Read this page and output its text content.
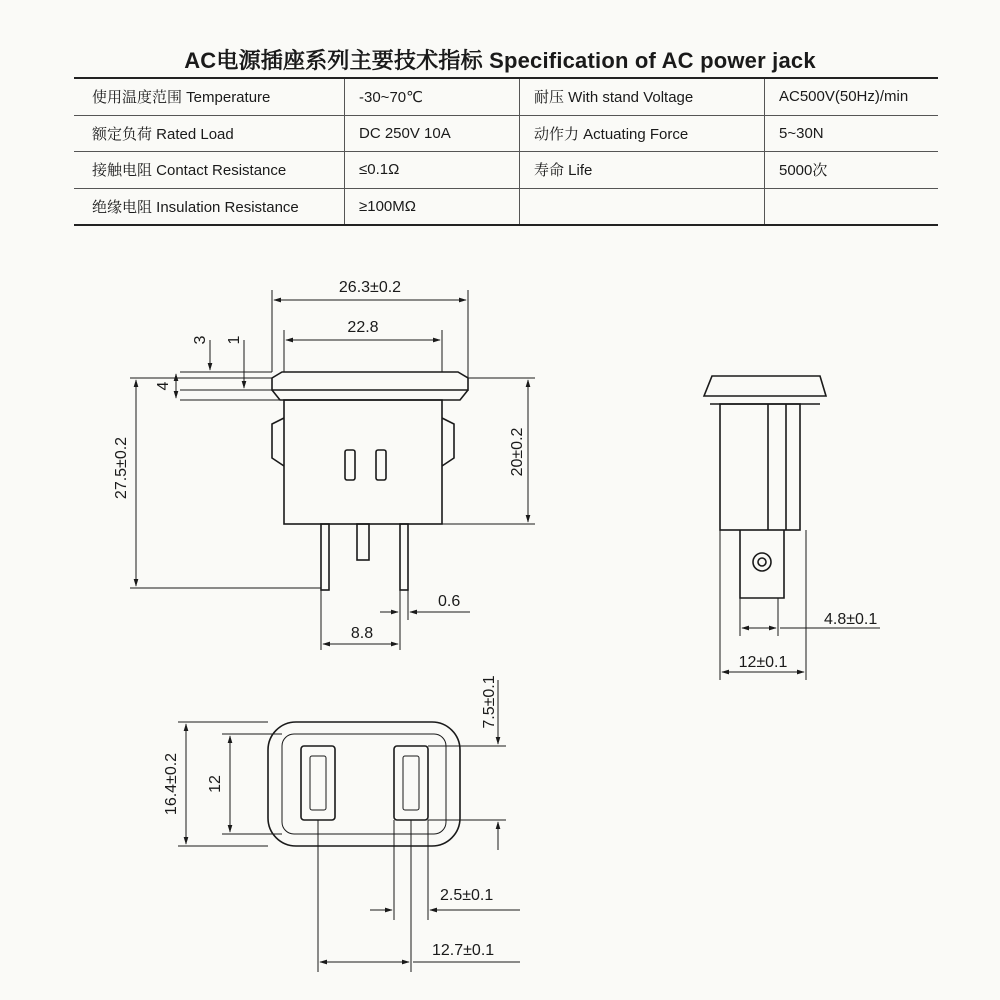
AC电源插座系列主要技术指标 Specification of AC power jack
使用温度范围 Temperature	-30~70℃	耐压 With stand Voltage	AC500V(50Hz)/min
额定负荷 Rated Load	DC 250V 10A	动作力 Actuating Force	5~30N
接触电阻 Contact Resistance	≤0.1Ω	寿命 Life	5000次
绝缘电阻 Insulation Resistance	≥100MΩ		
26.3±0.2
22.8
3 1
4
27.5±0.2	20±0.2
0.6
8.8
4.8±0.1
12±0.1
16.4±0.2 12
7.5±0.1
2.5±0.1
12.7±0.1
